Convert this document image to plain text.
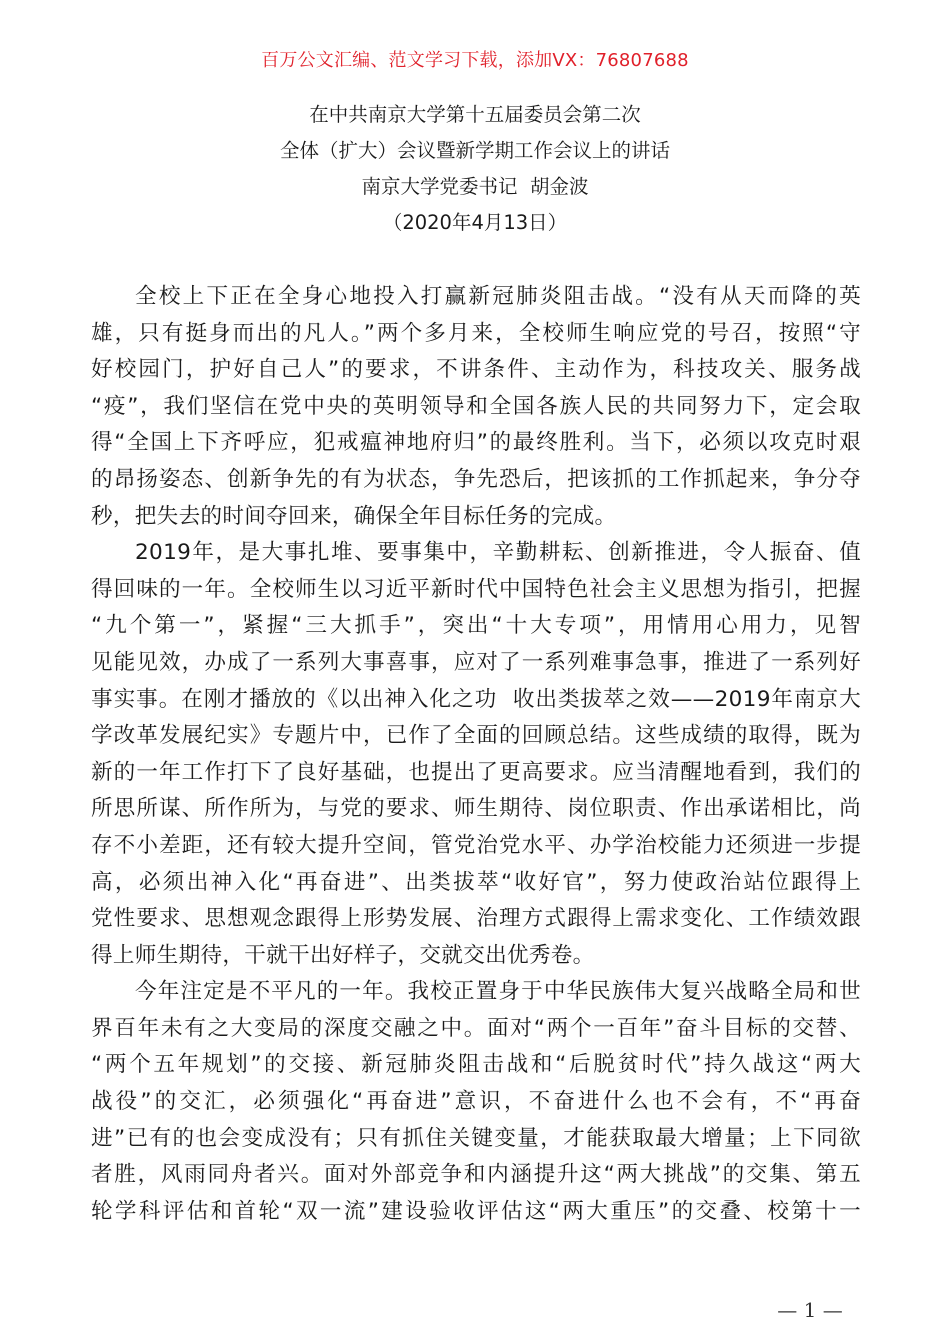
百万公文汇编、范文学习下载，添加VX：76807688
在中共南京大学第十五届委员会第二次
全体（扩大）会议暨新学期工作会议上的讲话
南京大学党委书记  胡金波
（2020年4月13日）
全校上下正在全身心地投入打赢新冠肺炎阻击战。“没有从天而降的英
雄，只有挺身而出的凡人。”两个多月来，全校师生响应党的号召，按照“守
好校园门，护好自己人”的要求，不讲条件、主动作为，科技攻关、服务战
“疫”，我们坚信在党中央的英明领导和全国各族人民的共同努力下，定会取
得“全国上下齐呼应，犯戒瘟神地府归”的最终胜利。当下，必须以攻克时艰
的昂扬姿态、创新争先的有为状态，争先恐后，把该抓的工作抓起来，争分夺
秒，把失去的时间夺回来，确保全年目标任务的完成。
2019年，是大事扎堆、要事集中，辛勤耕耘、创新推进，令人振奋、值
得回味的一年。全校师生以习近平新时代中国特色社会主义思想为指引，把握
“九个第一”，紧握“三大抓手”，突出“十大专项”，用情用心用力，见智
见能见效，办成了一系列大事喜事，应对了一系列难事急事，推进了一系列好
事实事。在刚才播放的《以出神入化之功  收出类拔萃之效——2019年南京大
学改革发展纪实》专题片中，已作了全面的回顾总结。这些成绩的取得，既为
新的一年工作打下了良好基础，也提出了更高要求。应当清醒地看到，我们的
所思所谋、所作所为，与党的要求、师生期待、岗位职责、作出承诺相比，尚
存不小差距，还有较大提升空间，管党治党水平、办学治校能力还须进一步提
高，必须出神入化“再奋进”、出类拔萃“收好官”，努力使政治站位跟得上
党性要求、思想观念跟得上形势发展、治理方式跟得上需求变化、工作绩效跟
得上师生期待，干就干出好样子，交就交出优秀卷。
今年注定是不平凡的一年。我校正置身于中华民族伟大复兴战略全局和世
界百年未有之大变局的深度交融之中。面对“两个一百年”奋斗目标的交替、
“两个五年规划”的交接、新冠肺炎阻击战和“后脱贫时代”持久战这“两大
战役”的交汇，必须强化“再奋进”意识，不奋进什么也不会有，不“再奋
进”已有的也会变成没有；只有抓住关键变量，才能获取最大增量；上下同欲
者胜，风雨同舟者兴。面对外部竞争和内涵提升这“两大挑战”的交集、第五
轮学科评估和首轮“双一流”建设验收评估这“两大重压”的交叠、校第十一
— 1 —
